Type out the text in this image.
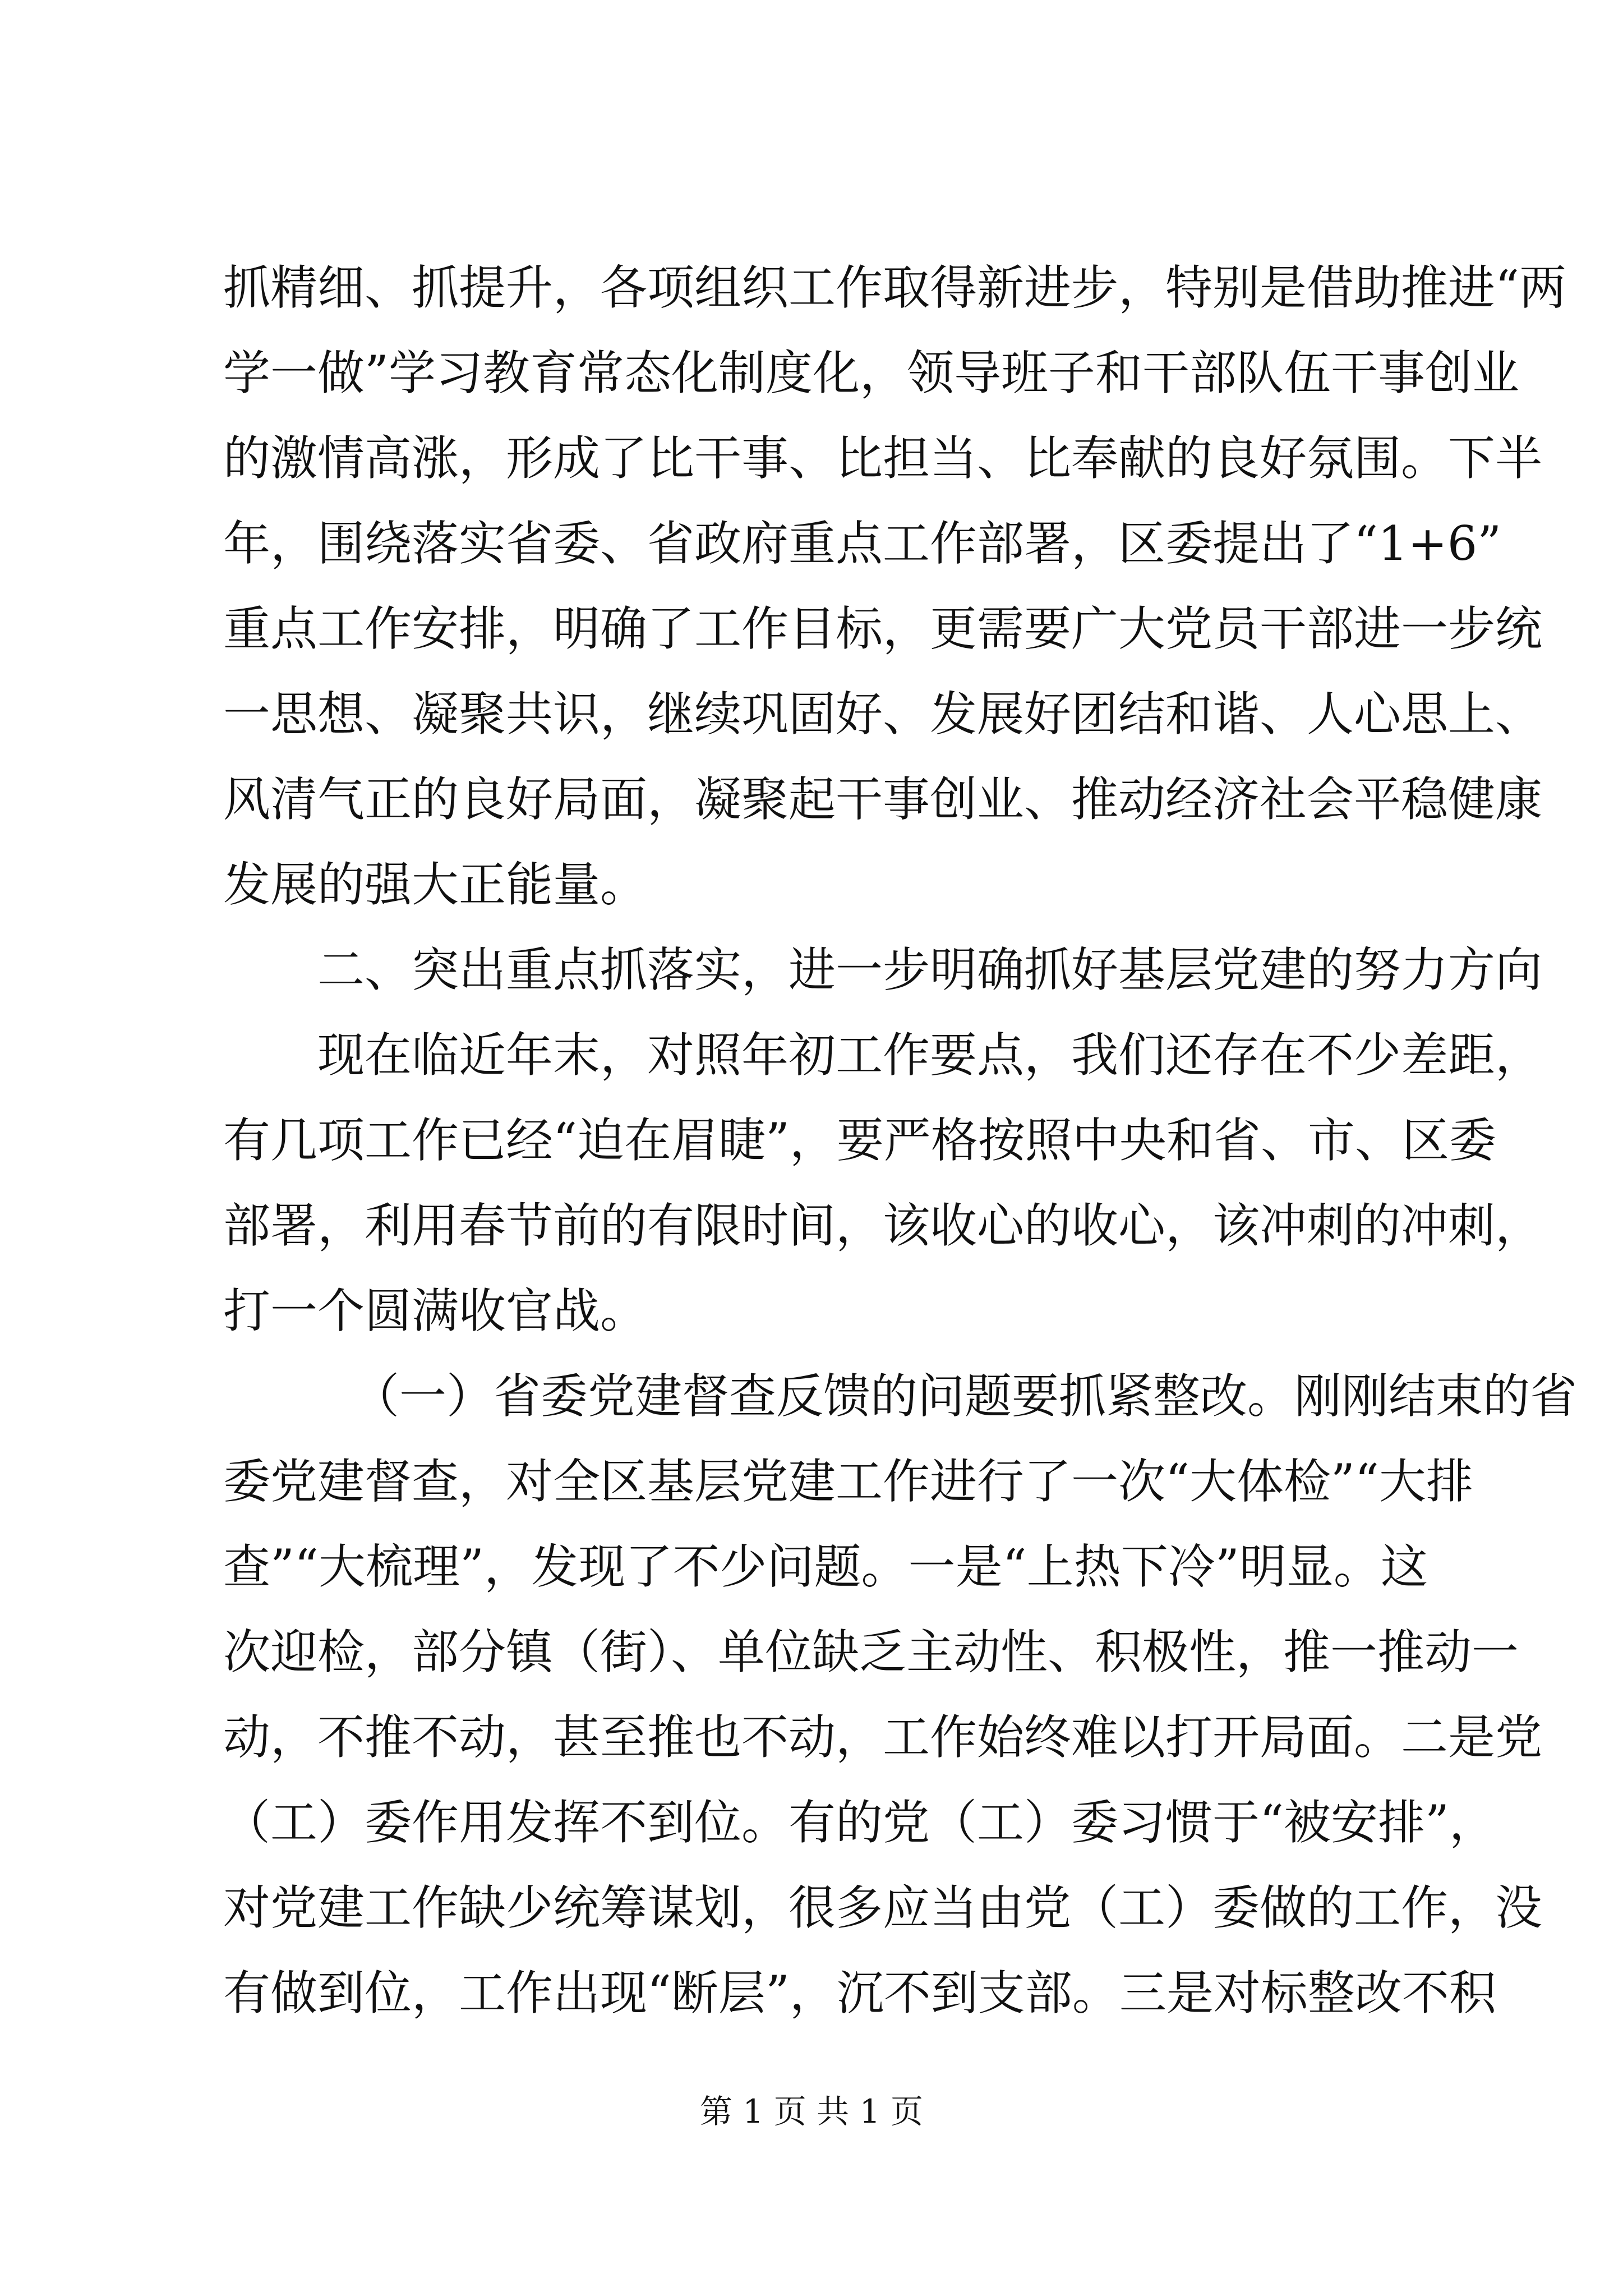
抓精细、抓提升，各项组织工作取得新进步，特别是借助推进“两
学一做”学习教育常态化制度化，领导班子和干部队伍干事创业
的激情高涨，形成了比干事、比担当、比奉献的良好氛围。下半
年，围绕落实省委、省政府重点工作部署，区委提出了“1+6”
重点工作安排，明确了工作目标，更需要广大党员干部进一步统
一思想、凝聚共识，继续巩固好、发展好团结和谐、人心思上、
风清气正的良好局面，凝聚起干事创业、推动经济社会平稳健康
发展的强大正能量。
二、突出重点抓落实，进一步明确抓好基层党建的努力方向
现在临近年末，对照年初工作要点，我们还存在不少差距，
有几项工作已经“迫在眉睫”，要严格按照中央和省、市、区委
部署，利用春节前的有限时间，该收心的收心，该冲刺的冲刺，
打一个圆满收官战。
（一）省委党建督查反馈的问题要抓紧整改。刚刚结束的省
委党建督查，对全区基层党建工作进行了一次“大体检”“大排
查”“大梳理”，发现了不少问题。一是“上热下冷”明显。这
次迎检，部分镇（街）、单位缺乏主动性、积极性，推一推动一
动，不推不动，甚至推也不动，工作始终难以打开局面。二是党
（工）委作用发挥不到位。有的党（工）委习惯于“被安排”，
对党建工作缺少统筹谋划，很多应当由党（工）委做的工作，没
有做到位，工作出现“断层”，沉不到支部。三是对标整改不积
第 1 页 共 1 页
